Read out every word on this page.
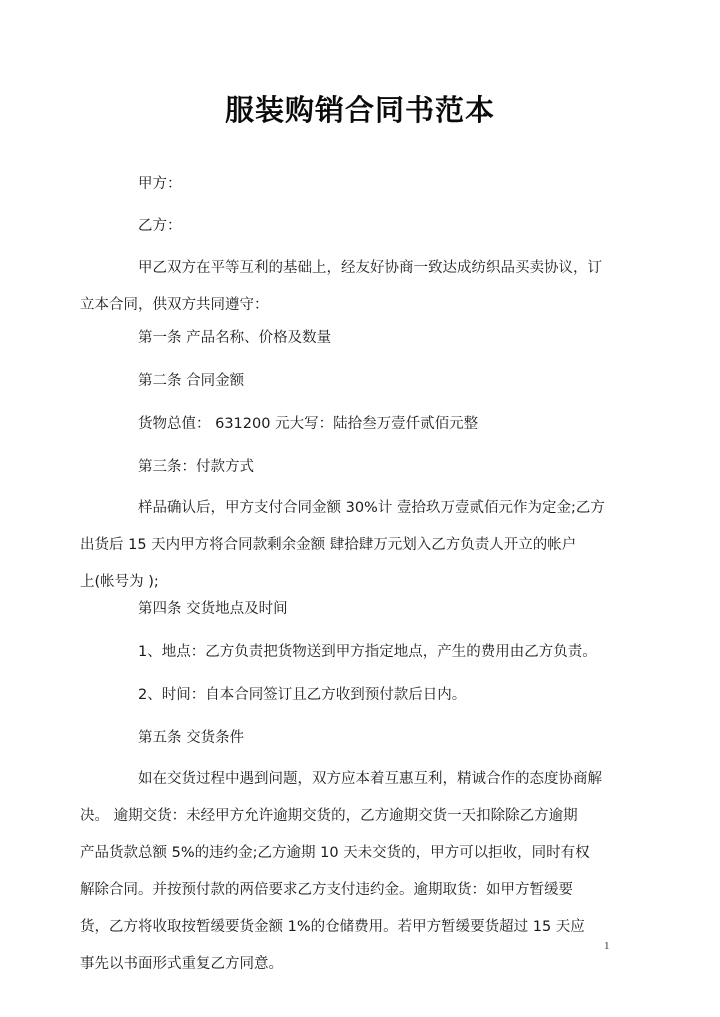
服装购销合同书范本
甲方：
乙方：
甲乙双方在平等互利的基础上，经友好协商一致达成纺织品买卖协议，订
立本合同，供双方共同遵守：
第一条 产品名称、价格及数量
第二条 合同金额
货物总值： 631200 元大写：陆拾叁万壹仟贰佰元整
第三条：付款方式
样品确认后，甲方支付合同金额 30%计 壹拾玖万壹贰佰元作为定金;乙方
出货后 15 天内甲方将合同款剩余金额 肆拾肆万元划入乙方负责人开立的帐户
上(帐号为 );
第四条 交货地点及时间
1、地点：乙方负责把货物送到甲方指定地点，产生的费用由乙方负责。
2、时间：自本合同签订且乙方收到预付款后日内。
第五条 交货条件
如在交货过程中遇到问题，双方应本着互惠互利，精诚合作的态度协商解
决。 逾期交货：未经甲方允许逾期交货的，乙方逾期交货一天扣除除乙方逾期
产品货款总额 5%的违约金;乙方逾期 10 天未交货的，甲方可以拒收，同时有权
解除合同。并按预付款的两倍要求乙方支付违约金。逾期取货：如甲方暂缓要
货，乙方将收取按暂缓要货金额 1%的仓储费用。若甲方暂缓要货超过 15 天应
事先以书面形式重复乙方同意。
1
